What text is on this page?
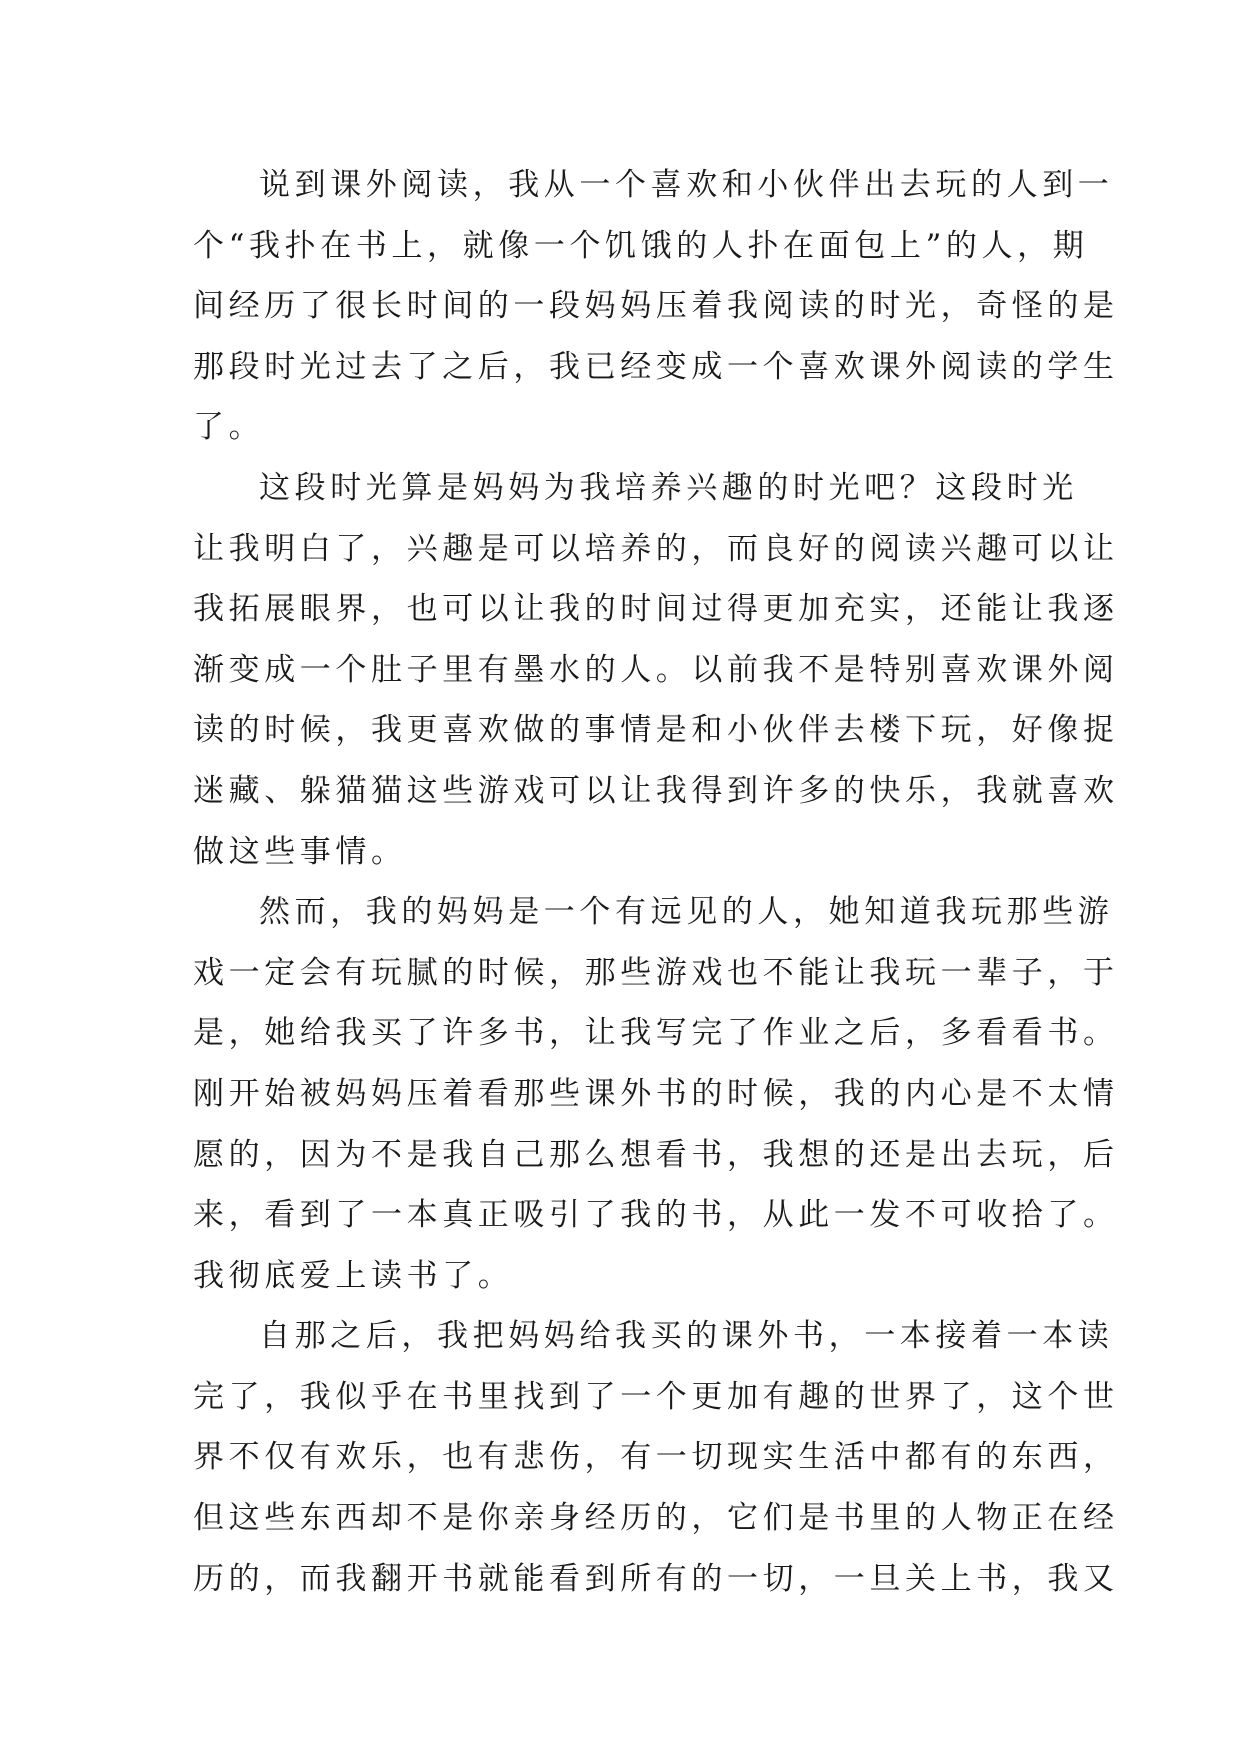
说到课外阅读，我从一个喜欢和小伙伴出去玩的人到一
个“我扑在书上，就像一个饥饿的人扑在面包上”的人，期
间经历了很长时间的一段妈妈压着我阅读的时光，奇怪的是
那段时光过去了之后，我已经变成一个喜欢课外阅读的学生
了。

这段时光算是妈妈为我培养兴趣的时光吧？这段时光
让我明白了，兴趣是可以培养的，而良好的阅读兴趣可以让
我拓展眼界，也可以让我的时间过得更加充实，还能让我逐
渐变成一个肚子里有墨水的人。以前我不是特别喜欢课外阅
读的时候，我更喜欢做的事情是和小伙伴去楼下玩，好像捉
迷藏、躲猫猫这些游戏可以让我得到许多的快乐，我就喜欢
做这些事情。

然而，我的妈妈是一个有远见的人，她知道我玩那些游
戏一定会有玩腻的时候，那些游戏也不能让我玩一辈子，于
是，她给我买了许多书，让我写完了作业之后，多看看书。
刚开始被妈妈压着看那些课外书的时候，我的内心是不太情
愿的，因为不是我自己那么想看书，我想的还是出去玩，后
来，看到了一本真正吸引了我的书，从此一发不可收拾了。
我彻底爱上读书了。

自那之后，我把妈妈给我买的课外书，一本接着一本读
完了，我似乎在书里找到了一个更加有趣的世界了，这个世
界不仅有欢乐，也有悲伤，有一切现实生活中都有的东西，
但这些东西却不是你亲身经历的，它们是书里的人物正在经
历的，而我翻开书就能看到所有的一切，一旦关上书，我又
